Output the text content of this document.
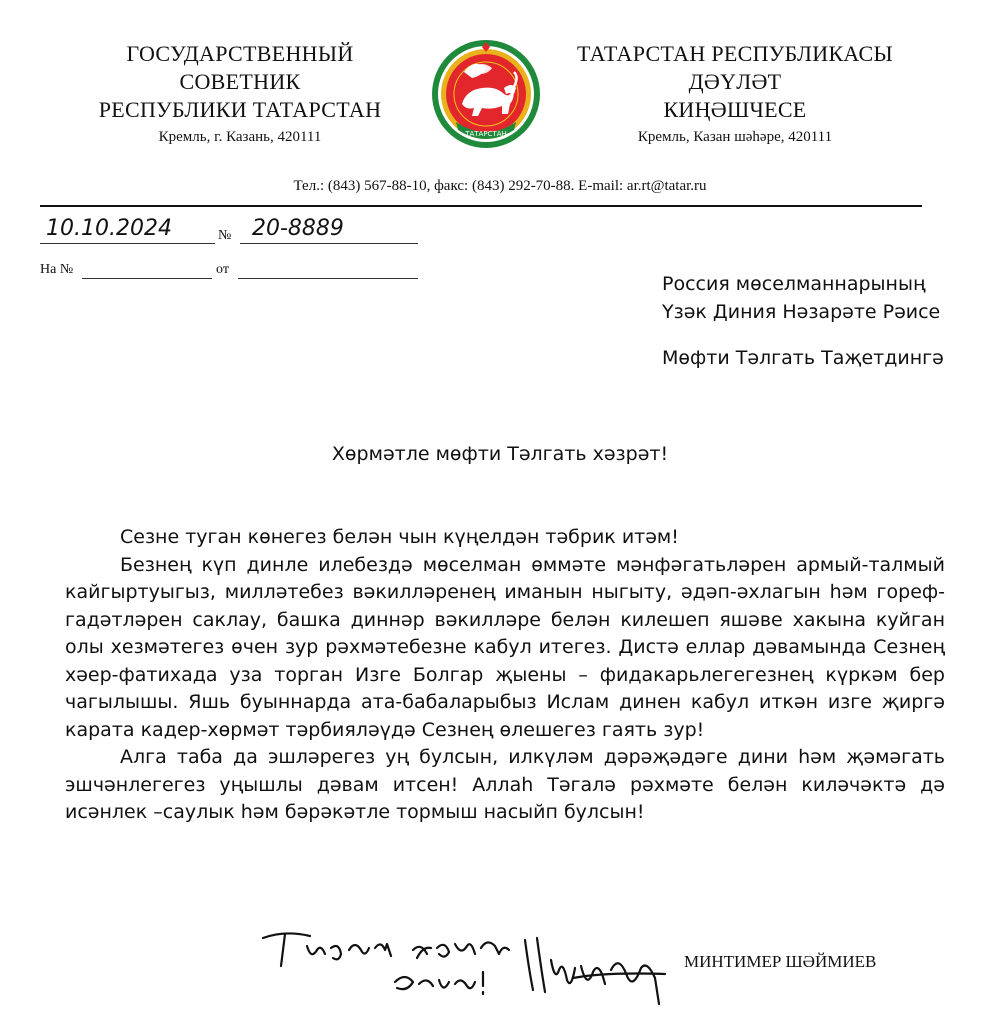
ГОСУДАРСТВЕННЫЙ
СОВЕТНИК
РЕСПУБЛИКИ ТАТАРСТАН
Кремль, г. Казань, 420111	ТАТАРСТАН
ТАТАРСТАН РЕСПУБЛИКАСЫ
ДӘҮЛӘТ
КИҢӘШЧЕСЕ
Кремль, Казан шәһәре, 420111
Тел.: (843) 567-88-10, факс: (843) 292-70-88. E-mail: ar.rt@tatar.ru
10.10.2024	№ 20-8889
На №	от
Россия мөселманнарының
Үзәк Диния Нәзарәте Рәисе
Мөфти Тәлгать Таҗетдингә
Хөрмәтле мөфти Тәлгать хәзрәт!

Сезне туган көнегез белән чын күңелдән тәбрик итәм!

Безнең күп динле илебездә мөселман өммәте мәнфәгатьләрен армый-талмый кайгыртуыгыз, милләтебез вәкилләренең иманын ныгыту, әдәп-әхлагын һәм гореф-гадәтләрен саклау, башка диннәр вәкилләре белән килешеп яшәве хакына куйган олы хезмәтегез өчен зур рәхмәтебезне кабул итегез. Дистә еллар дәвамында Сезнең хәер-фатихада уза торган Изге Болгар җыены – фидакарьлегегезнең күркәм бер чагылышы. Яшь буыннарда ата-бабаларыбыз Ислам динен кабул иткән изге җиргә карата кадер-хөрмәт тәрбияләүдә Сезнең өлешегез гаять зур!

Алга таба да эшләрегез уң булсын, илкүләм дәрәҗәдәге дини һәм җәмәгать эшчәнлегегез уңышлы дәвам итсен! Аллаһ Тәгалә рәхмәте белән киләчәктә дә исәнлек –саулык һәм бәрәкәтле тормыш насыйп булсын!

МИНТИМЕР ШӘЙМИЕВ
